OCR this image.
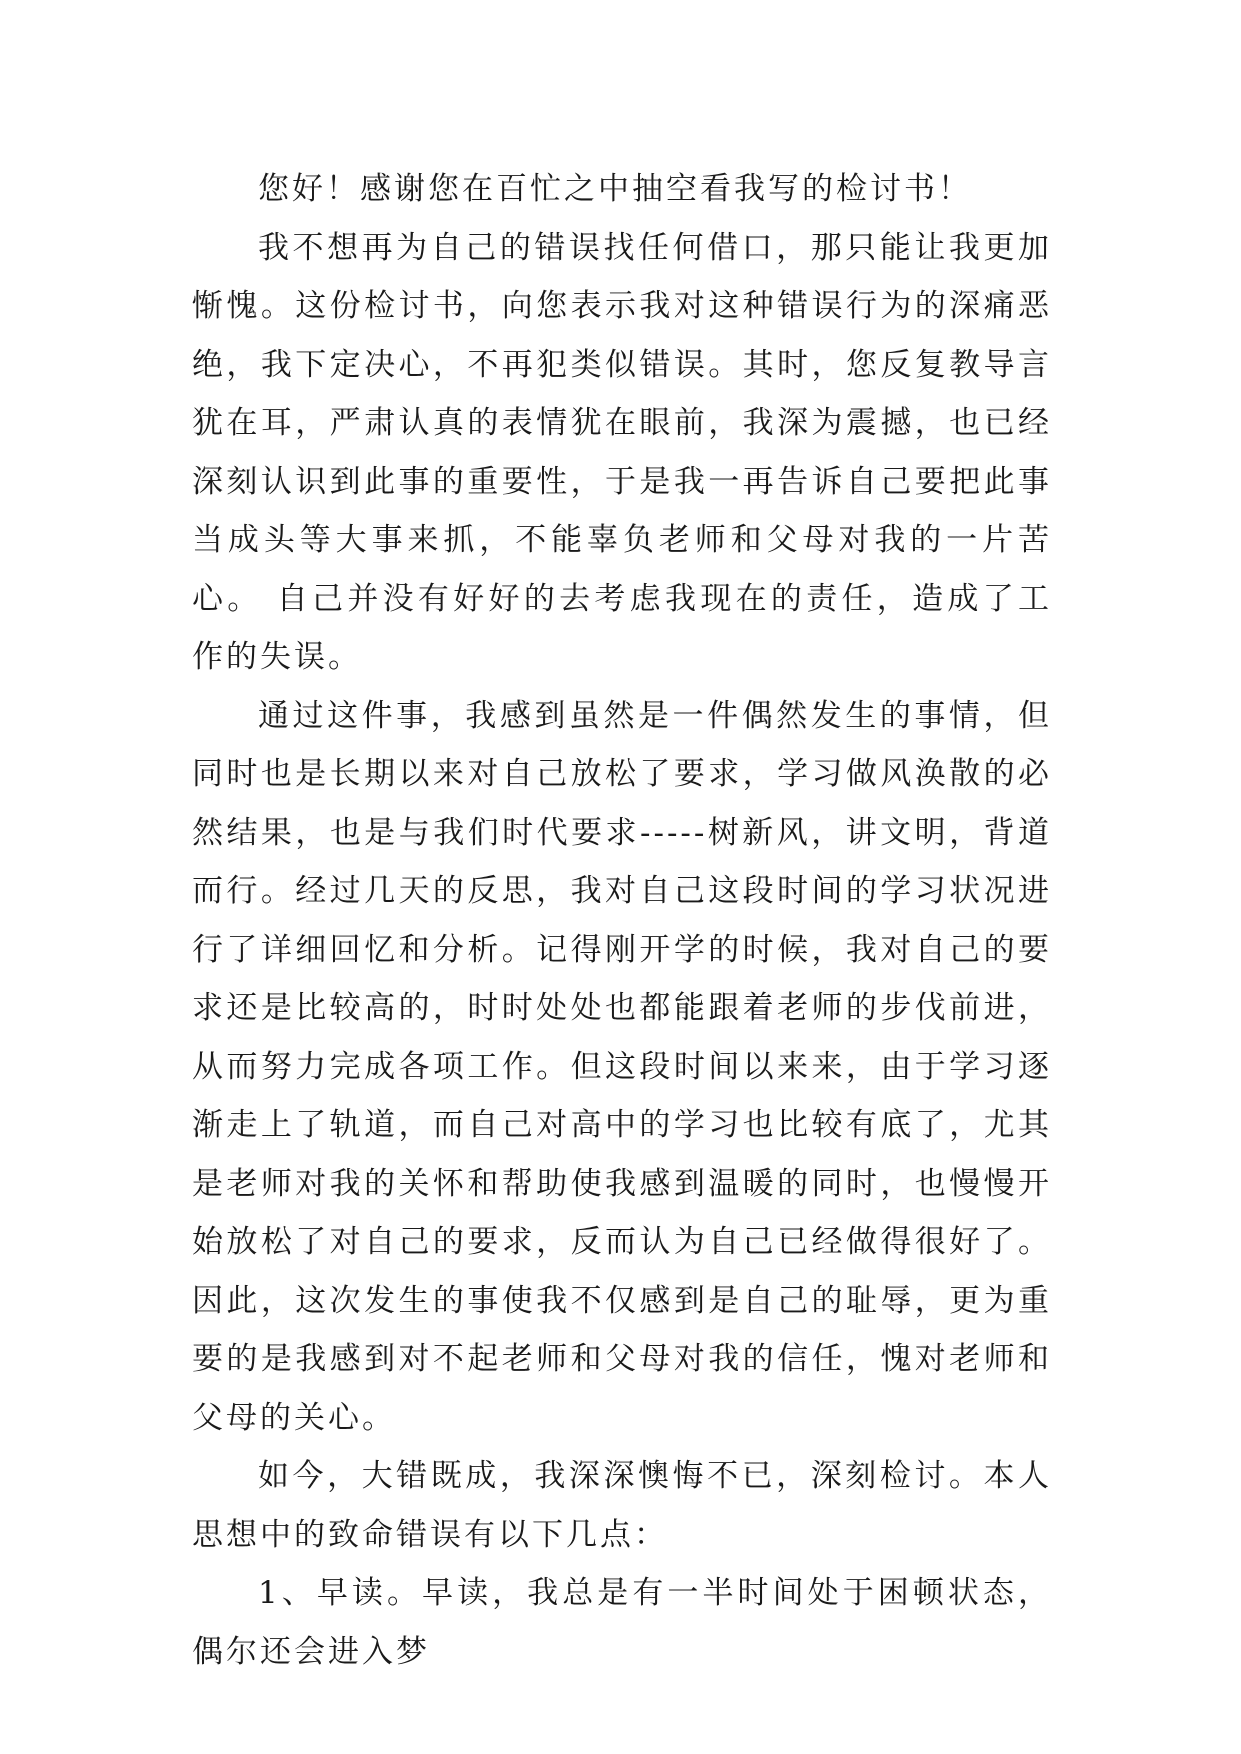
您好！感谢您在百忙之中抽空看我写的检讨书！

我不想再为自己的错误找任何借口，那只能让我更加惭愧。这份检讨书，向您表示我对这种错误行为的深痛恶绝，我下定决心，不再犯类似错误。其时，您反复教导言犹在耳，严肃认真的表情犹在眼前，我深为震撼，也已经深刻认识到此事的重要性，于是我一再告诉自己要把此事当成头等大事来抓，不能辜负老师和父母对我的一片苦心。 自己并没有好好的去考虑我现在的责任，造成了工作的失误。

通过这件事，我感到虽然是一件偶然发生的事情，但同时也是长期以来对自己放松了要求，学习做风涣散的必然结果，也是与我们时代要求-----树新风，讲文明，背道而行。经过几天的反思，我对自己这段时间的学习状况进行了详细回忆和分析。记得刚开学的时候，我对自己的要求还是比较高的，时时处处也都能跟着老师的步伐前进，从而努力完成各项工作。但这段时间以来来，由于学习逐渐走上了轨道，而自己对高中的学习也比较有底了，尤其是老师对我的关怀和帮助使我感到温暖的同时，也慢慢开始放松了对自己的要求，反而认为自己已经做得很好了。因此，这次发生的事使我不仅感到是自己的耻辱，更为重要的是我感到对不起老师和父母对我的信任，愧对老师和父母的关心。

如今，大错既成，我深深懊悔不已，深刻检讨。本人思想中的致命错误有以下几点：

1、早读。早读，我总是有一半时间处于困顿状态，偶尔还会进入梦
